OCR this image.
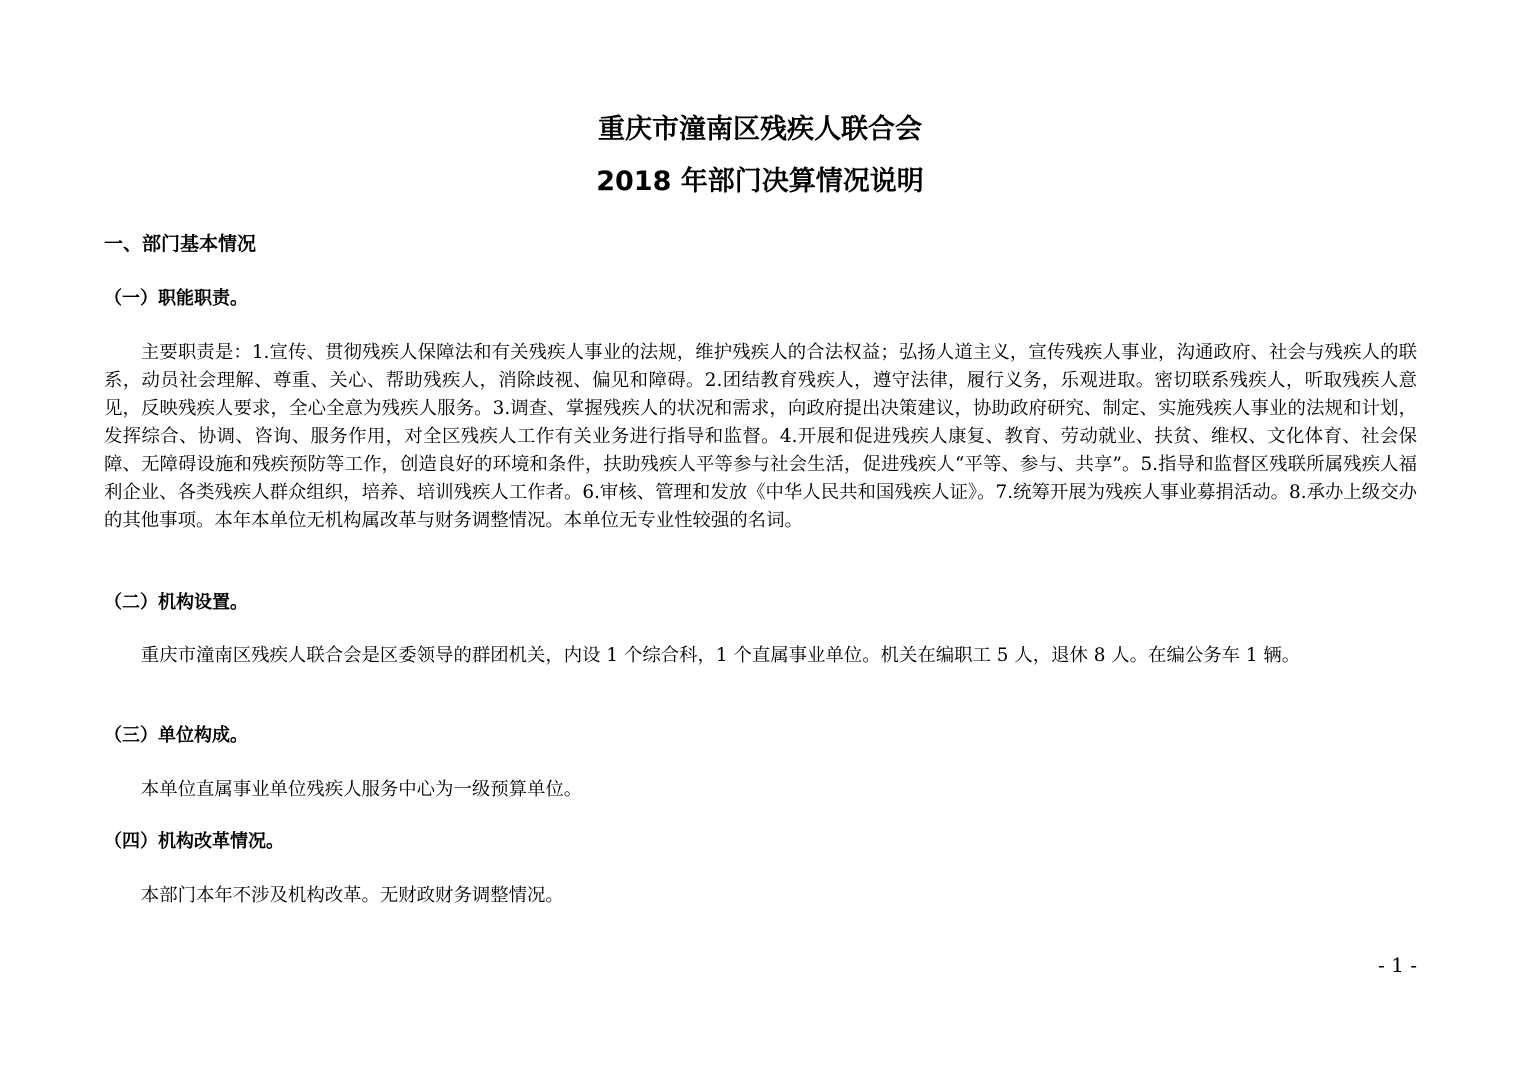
重庆市潼南区残疾人联合会
2018 年部门决算情况说明
一、部门基本情况
（一）职能职责。

主要职责是：1.宣传、贯彻残疾人保障法和有关残疾人事业的法规，维护残疾人的合法权益；弘扬人道主义，宣传残疾人事业，沟通政府、社会与残疾人的联系，动员社会理解、尊重、关心、帮助残疾人，消除歧视、偏见和障碍。2.团结教育残疾人，遵守法律，履行义务，乐观进取。密切联系残疾人，听取残疾人意见，反映残疾人要求，全心全意为残疾人服务。3.调查、掌握残疾人的状况和需求，向政府提出决策建议，协助政府研究、制定、实施残疾人事业的法规和计划，发挥综合、协调、咨询、服务作用，对全区残疾人工作有关业务进行指导和监督。4.开展和促进残疾人康复、教育、劳动就业、扶贫、维权、文化体育、社会保障、无障碍设施和残疾预防等工作，创造良好的环境和条件，扶助残疾人平等参与社会生活，促进残疾人“平等、参与、共享”。5.指导和监督区残联所属残疾人福利企业、各类残疾人群众组织，培养、培训残疾人工作者。6.审核、管理和发放《中华人民共和国残疾人证》。7.统筹开展为残疾人事业募捐活动。8.承办上级交办的其他事项。本年本单位无机构属改革与财务调整情况。本单位无专业性较强的名词。

（二）机构设置。

重庆市潼南区残疾人联合会是区委领导的群团机关，内设 1 个综合科，1 个直属事业单位。机关在编职工 5 人，退休 8 人。在编公务车 1 辆。

（三）单位构成。

本单位直属事业单位残疾人服务中心为一级预算单位。

（四）机构改革情况。

本部门本年不涉及机构改革。无财政财务调整情况。

- 1 -
